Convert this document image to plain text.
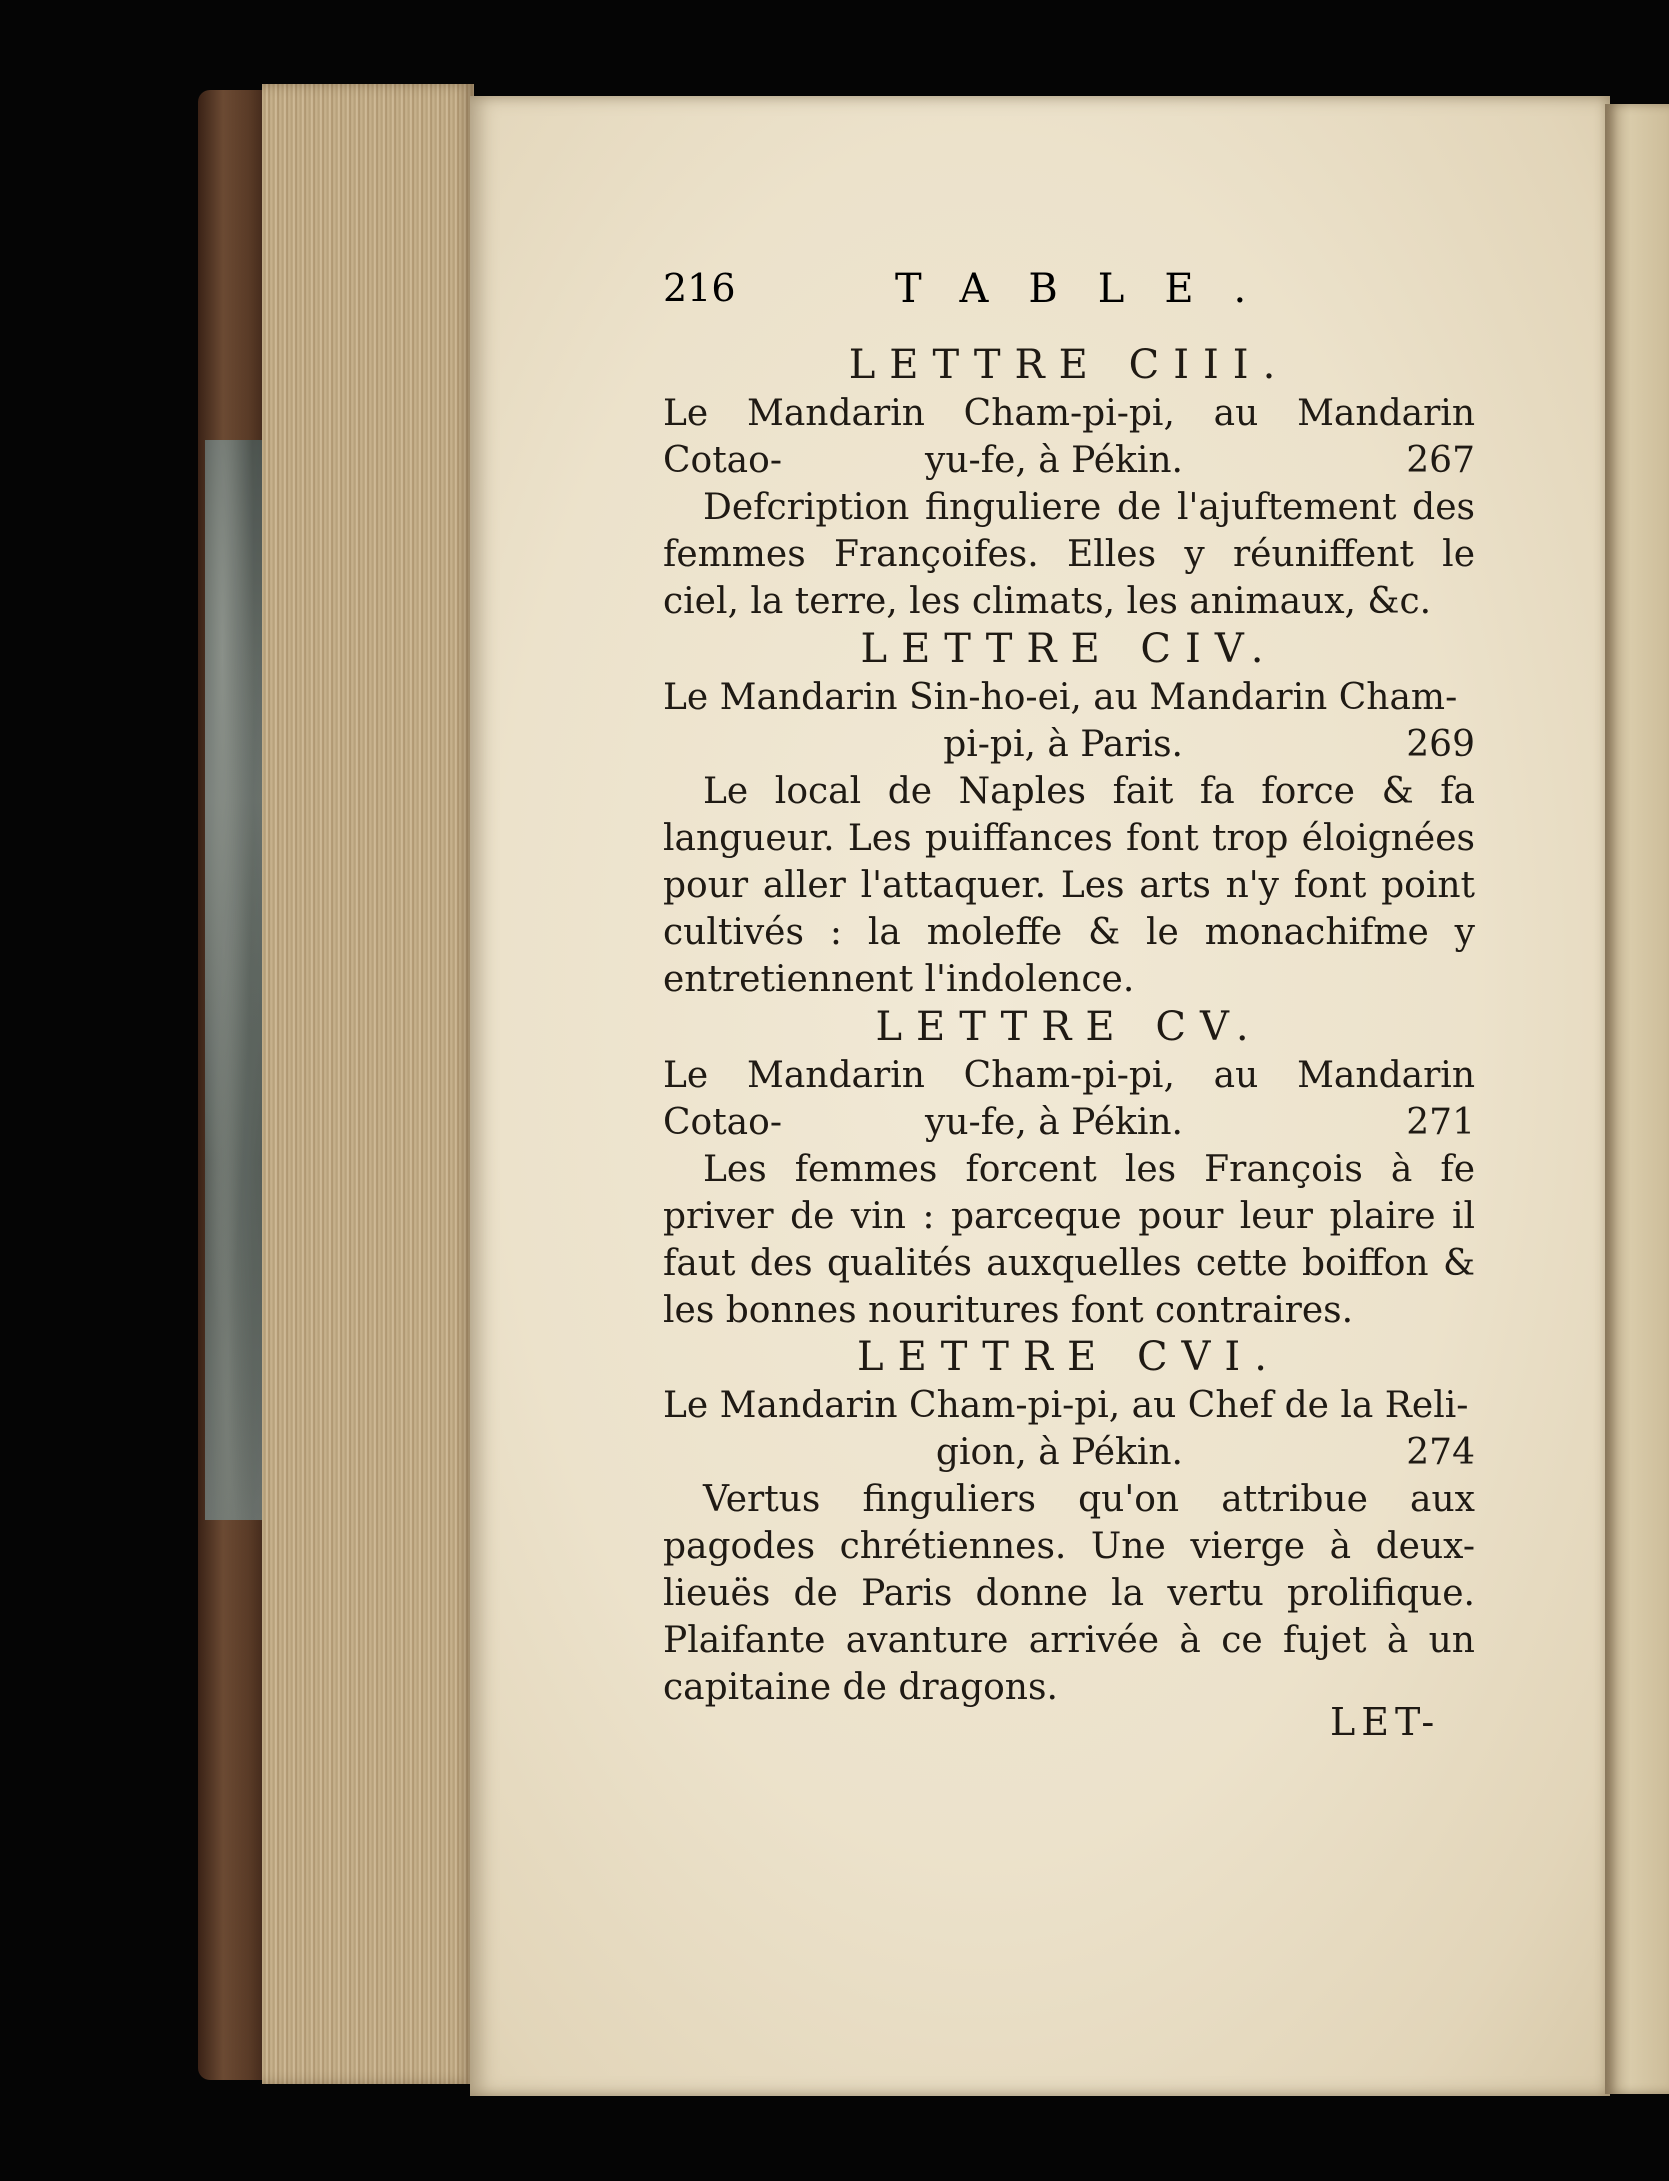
216	TABLE.
LETTRE CIII.
Le Mandarin Cham-pi-pi, au Mandarin Cotao-	yu-fe, à Pékin.	267
Defcription finguliere de l'ajuftement des femmes Françoifes. Elles y réuniffent le ciel, la terre, les climats, les animaux, &c.
LETTRE CIV.
Le Mandarin Sin-ho-ei, au Mandarin Cham-
pi-pi, à Paris.	269
Le local de Naples fait fa force & fa langueur. Les puiffances font trop éloignées pour aller l'attaquer. Les arts n'y font point cultivés : la moleffe & le monachifme y entretiennent l'indolence.
LETTRE CV.
Le Mandarin Cham-pi-pi, au Mandarin Cotao-	yu-fe, à Pékin.	271
Les femmes forcent les François à fe priver de vin : parceque pour leur plaire il faut des qualités auxquelles cette boiffon & les bonnes nouritures font contraires.
LETTRE CVI.
Le Mandarin Cham-pi-pi, au Chef de la Reli-
gion, à Pékin.	274
Vertus finguliers qu'on attribue aux pagodes chrétiennes. Une vierge à deux-lieuës de Paris donne la vertu prolifique. Plaifante avanture arrivée à ce fujet à un capitaine de dragons.
LET-
